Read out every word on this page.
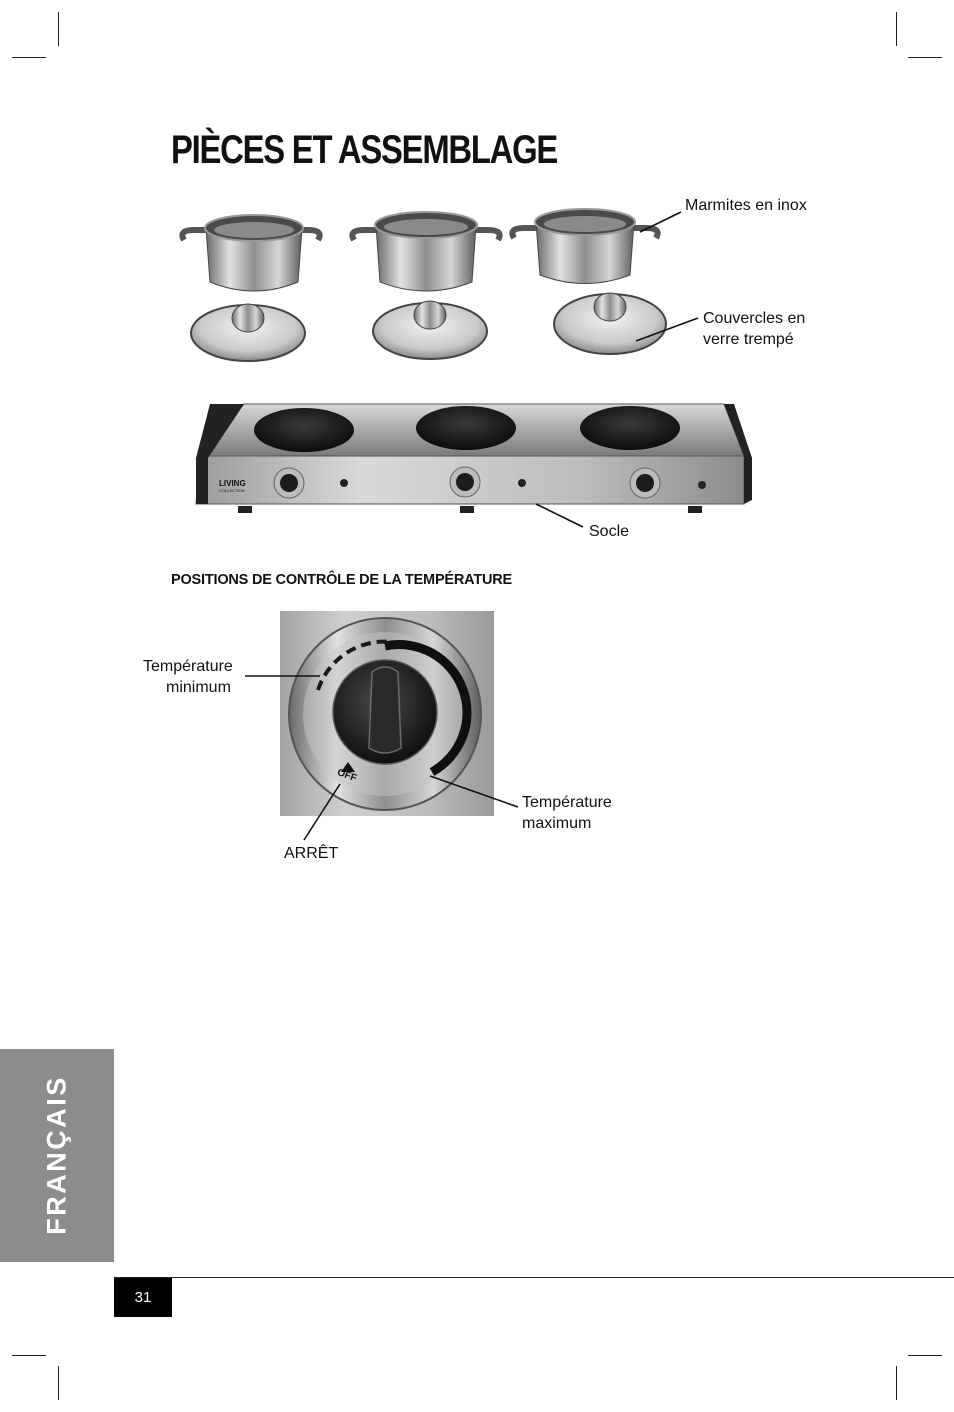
PIÈCES ET ASSEMBLAGE
LIVING
COLLECTION
OFF
Marmites en inox
Couvercles en
verre trempé
Socle
POSITIONS DE CONTRÔLE DE LA TEMPÉRATURE
Température
minimum
Température
maximum
ARRÊT
FRANÇAIS
31
